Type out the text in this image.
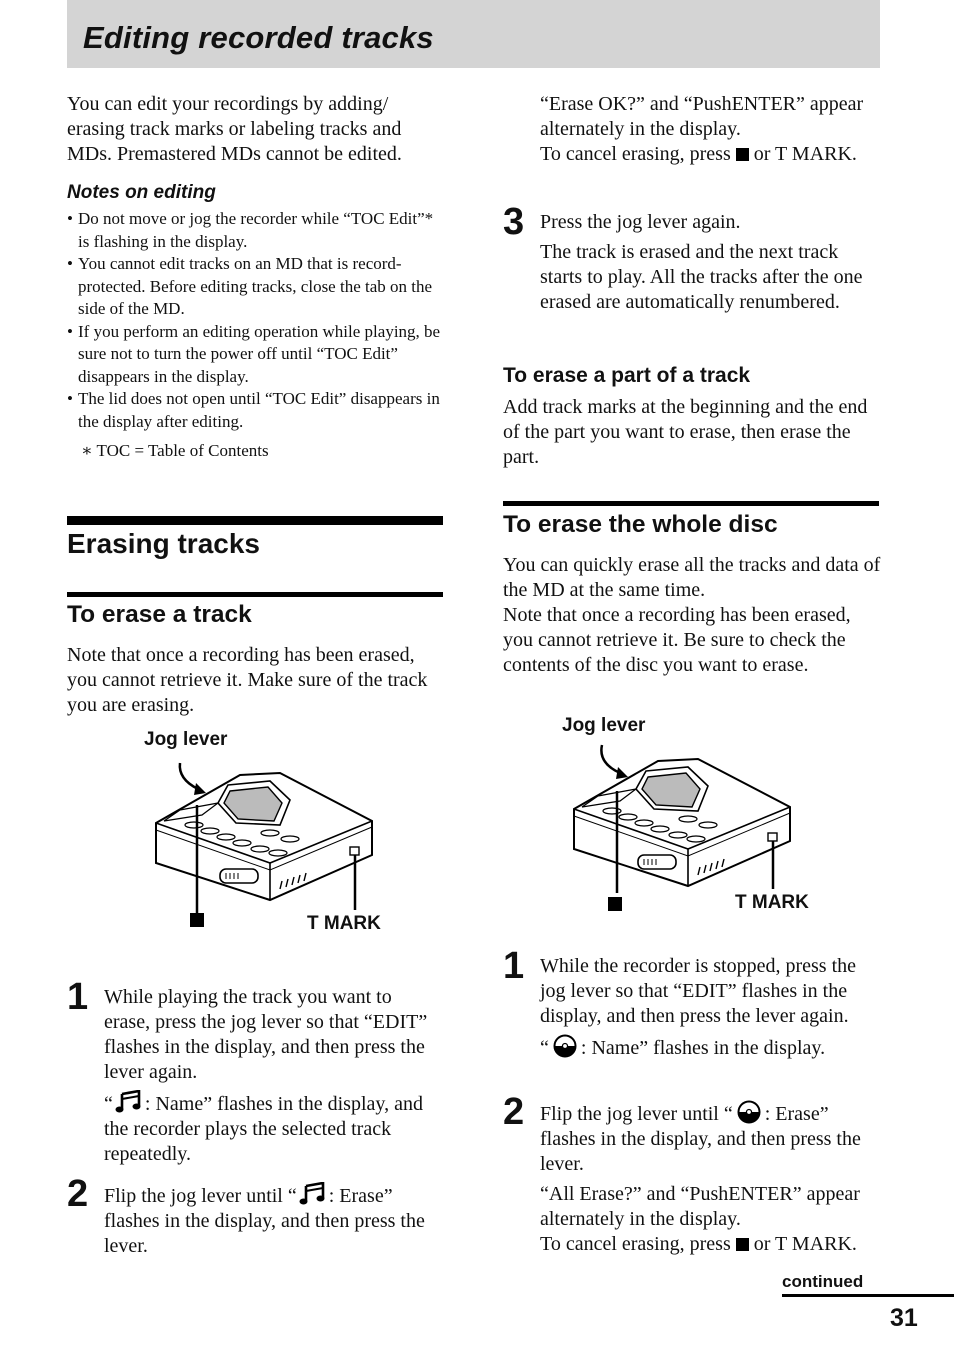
Editing recorded tracks
You can edit your recordings by adding/ erasing track marks or labeling tracks and MDs. Premastered MDs cannot be edited.
Notes on editing
• Do not move or jog the recorder while “TOC Edit”* is flashing in the display.
• You cannot edit tracks on an MD that is record-protected. Before editing tracks, close the tab on the side of the MD.
• If you perform an editing operation while playing, be sure not to turn the power off until “TOC Edit” disappears in the display.
• The lid does not open until “TOC Edit” disappears in the display after editing.
∗ TOC = Table of Contents
Erasing tracks
To erase a track
Note that once a recording has been erased, you cannot retrieve it. Make sure of the track you are erasing.
Jog lever
T MARK
1 While playing the track you want to erase, press the jog lever so that “EDIT” flashes in the display, and then press the lever again.
“ : Name” flashes in the display, and the recorder plays the selected track repeatedly.
2 Flip the jog lever until “ : Erase” flashes in the display, and then press the lever.
“Erase OK?” and “PushENTER” appear alternately in the display.
To cancel erasing, press or T MARK.
3 Press the jog lever again.
The track is erased and the next track starts to play. All the tracks after the one erased are automatically renumbered.
To erase a part of a track
Add track marks at the beginning and the end of the part you want to erase, then erase the part.
To erase the whole disc
You can quickly erase all the tracks and data of the MD at the same time.
Note that once a recording has been erased, you cannot retrieve it. Be sure to check the contents of the disc you want to erase.
Jog lever
T MARK
1 While the recorder is stopped, press the jog lever so that “EDIT” flashes in the display, and then press the lever again.
“ : Name” flashes in the display.
2 Flip the jog lever until “ : Erase” flashes in the display, and then press the lever.
“All Erase?” and “PushENTER” appear alternately in the display.
To cancel erasing, press or T MARK.
continued
31
